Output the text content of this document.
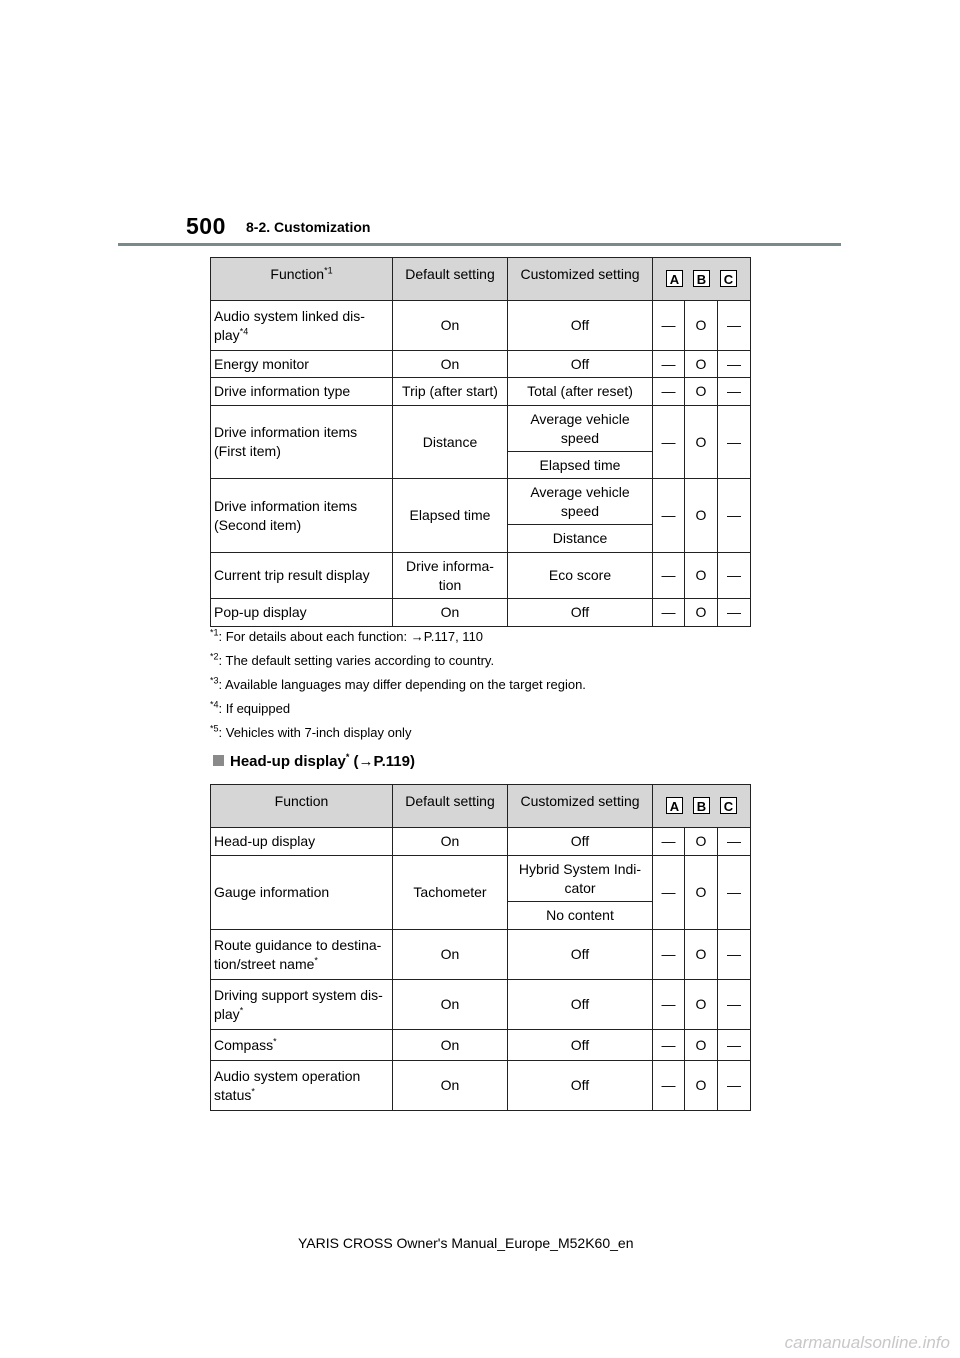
500 8-2. Customization
Function$^{*1}$	Default setting	Customized setting	A B C		
Audio system linked dis-play$^{*4}$	On	Off	—	O	—
Energy monitor	On	Off	—	O	—
Drive information type	Trip (after start)	Total (after reset)	—	O	—
Drive information items (First item)	Distance	Average vehicle speed	—	O	—
		Elapsed time			
Drive information items (Second item)	Elapsed time	Average vehicle speed	—	O	—
		Distance			
Current trip result display	Drive informa-tion	Eco score	—	O	—
Pop-up display	On	Off	—	O	—
$^{*1}$: For details about each function: →P.117, 110
$^{*2}$: The default setting varies according to country.
$^{*3}$: Available languages may differ depending on the target region.
$^{*4}$: If equipped
$^{*5}$: Vehicles with 7-inch display only
Head-up display* (→P.119)
Function	Default setting	Customized setting	A B C		
Head-up display	On	Off	—	O	—
Gauge information	Tachometer	Hybrid System Indi-cator	—	O	—
		No content			
Route guidance to destina-tion/street name*	On	Off	—	O	—
Driving support system dis-play*	On	Off	—	O	—
Compass*	On	Off	—	O	—
Audio system operation status*	On	Off	—	O	—
YARIS CROSS Owner's Manual_Europe_M52K60_en
carmanualsonline.info
